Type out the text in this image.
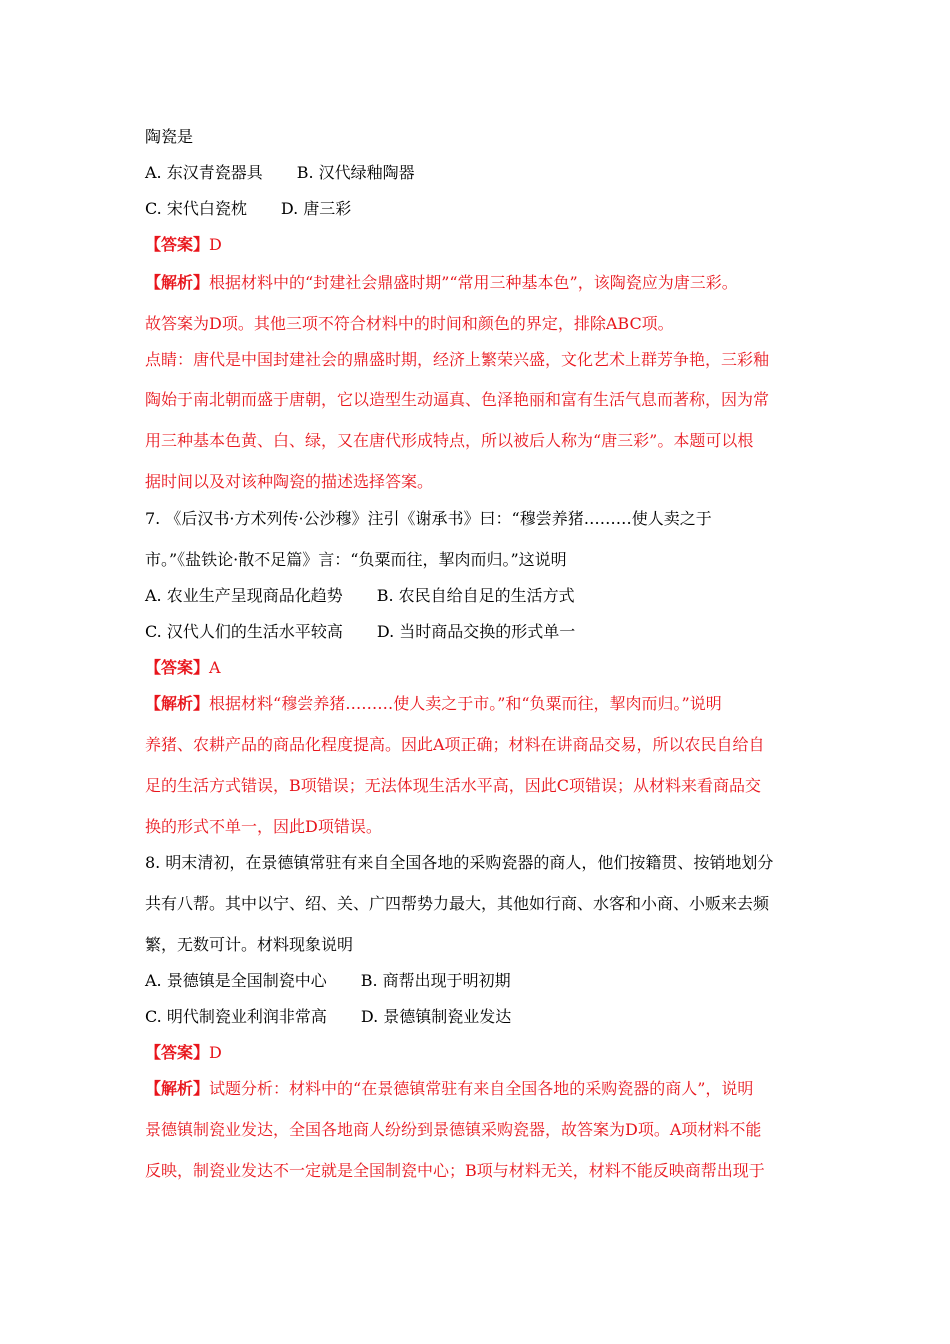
陶瓷是
A. 东汉青瓷器具 B. 汉代绿釉陶器
C. 宋代白瓷枕 D. 唐三彩
【答案】D
【解析】根据材料中的“封建社会鼎盛时期”“常用三种基本色”，该陶瓷应为唐三彩。
故答案为D项。其他三项不符合材料中的时间和颜色的界定，排除ABC项。
点睛：唐代是中国封建社会的鼎盛时期，经济上繁荣兴盛，文化艺术上群芳争艳，三彩釉
陶始于南北朝而盛于唐朝，它以造型生动逼真、色泽艳丽和富有生活气息而著称，因为常
用三种基本色黄、白、绿，又在唐代形成特点，所以被后人称为“唐三彩”。本题可以根
据时间以及对该种陶瓷的描述选择答案。
7. 《后汉书·方术列传·公沙穆》注引《谢承书》曰：“穆尝养猪………使人卖之于
市。”《盐铁论·散不足篇》言：“负粟而往，挈肉而归。”这说明
A. 农业生产呈现商品化趋势 B. 农民自给自足的生活方式
C. 汉代人们的生活水平较高 D. 当时商品交换的形式单一
【答案】A
【解析】根据材料“穆尝养猪………使人卖之于市。”和“负粟而往，挈肉而归。”说明
养猪、农耕产品的商品化程度提高。因此A项正确；材料在讲商品交易，所以农民自给自
足的生活方式错误，B项错误；无法体现生活水平高，因此C项错误；从材料来看商品交
换的形式不单一，因此D项错误。
8. 明末清初，在景德镇常驻有来自全国各地的采购瓷器的商人，他们按籍贯、按销地划分
共有八帮。其中以宁、绍、关、广四帮势力最大，其他如行商、水客和小商、小贩来去频
繁，无数可计。材料现象说明
A. 景德镇是全国制瓷中心 B. 商帮出现于明初期
C. 明代制瓷业利润非常高 D. 景德镇制瓷业发达
【答案】D
【解析】试题分析：材料中的“在景德镇常驻有来自全国各地的采购瓷器的商人”，说明
景德镇制瓷业发达，全国各地商人纷纷到景德镇采购瓷器，故答案为D项。A项材料不能
反映，制瓷业发达不一定就是全国制瓷中心；B项与材料无关，材料不能反映商帮出现于
